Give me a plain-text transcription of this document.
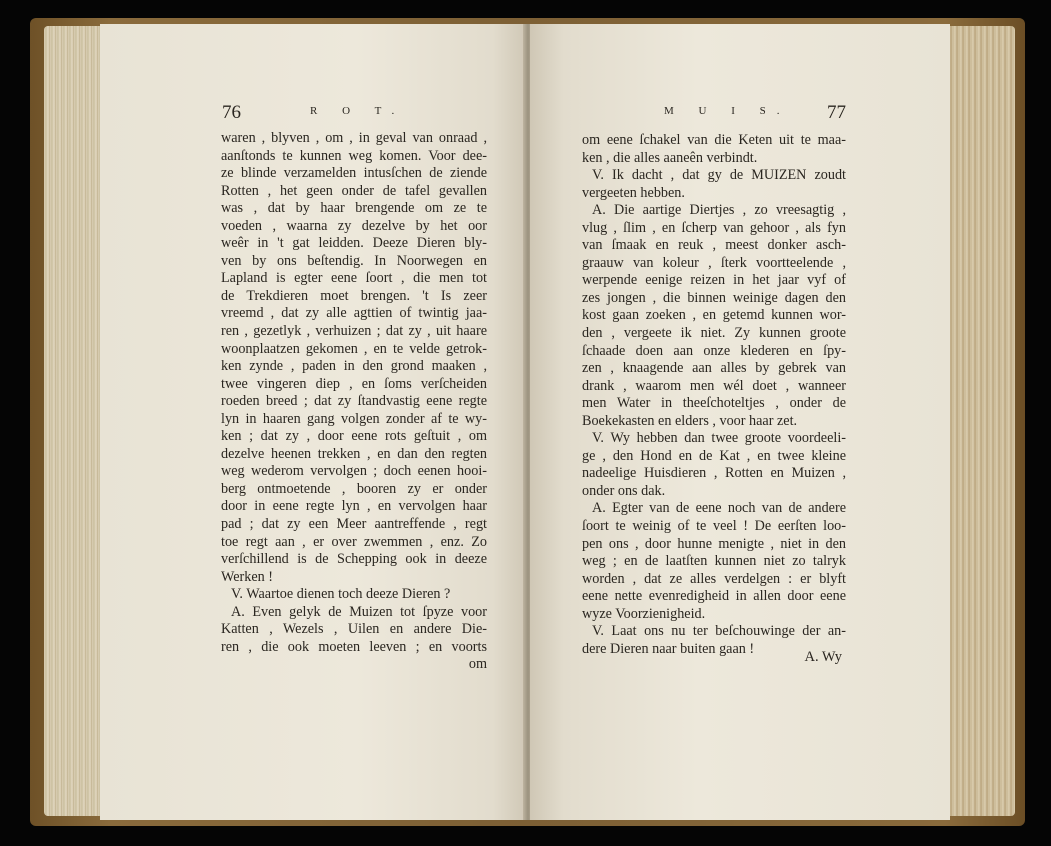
76	R O T.
waren , blyven , om , in geval van onraad ,
aanſtonds te kunnen weg komen. Voor dee-
ze blinde verzamelden intusſchen de ziende
Rotten , het geen onder de tafel gevallen
was , dat by haar brengende om ze te
voeden , waarna zy dezelve by het oor
weêr in 't gat leidden. Deeze Dieren bly-
ven by ons beſtendig. In Noorwegen en
Lapland is egter eene ſoort , die men tot
de Trekdieren moet brengen. 't Is zeer
vreemd , dat zy alle agttien of twintig jaa-
ren , gezetlyk , verhuizen ; dat zy , uit haare
woonplaatzen gekomen , en te velde getrok-
ken zynde , paden in den grond maaken ,
twee vingeren diep , en ſoms verſcheiden
roeden breed ; dat zy ſtandvastig eene regte
lyn in haaren gang volgen zonder af te wy-
ken ; dat zy , door eene rots geſtuit , om
dezelve heenen trekken , en dan den regten
weg wederom vervolgen ; doch eenen hooi-
berg ontmoetende , booren zy er onder
door in eene regte lyn , en vervolgen haar
pad ; dat zy een Meer aantreffende , regt
toe regt aan , er over zwemmen , enz. Zo
verſchillend is de Schepping ook in deeze
Werken !
V. Waartoe dienen toch deeze Dieren ?
A. Even gelyk de Muizen tot ſpyze voor
Katten , Wezels , Uilen en andere Die-
ren , die ook moeten leeven ; en voorts
om
M U I S. 77
om eene ſchakel van die Keten uit te maa-
ken , die alles aaneên verbindt.
V. Ik dacht , dat gy de MUIZEN zoudt
vergeeten hebben.
A. Die aartige Diertjes , zo vreesagtig ,
vlug , ſlim , en ſcherp van gehoor , als fyn
van ſmaak en reuk , meest donker asch-
graauw van koleur , ſterk voortteelende ,
werpende eenige reizen in het jaar vyf of
zes jongen , die binnen weinige dagen den
kost gaan zoeken , en getemd kunnen wor-
den , vergeete ik niet. Zy kunnen groote
ſchaade doen aan onze klederen en ſpy-
zen , knaagende aan alles by gebrek van
drank , waarom men wél doet , wanneer
men Water in theeſchoteltjes , onder de
Boekekasten en elders , voor haar zet.
V. Wy hebben dan twee groote voordeeli-
ge , den Hond en de Kat , en twee kleine
nadeelige Huisdieren , Rotten en Muizen ,
onder ons dak.
A. Egter van de eene noch van de andere
ſoort te weinig of te veel ! De eerſten loo-
pen ons , door hunne menigte , niet in den
weg ; en de laatſten kunnen niet zo talryk
worden , dat ze alles verdelgen : er blyft
eene nette evenredigheid in allen door eene
wyze Voorzienigheid.
V. Laat ons nu ter beſchouwinge der an-
dere Dieren naar buiten gaan !
A. Wy
